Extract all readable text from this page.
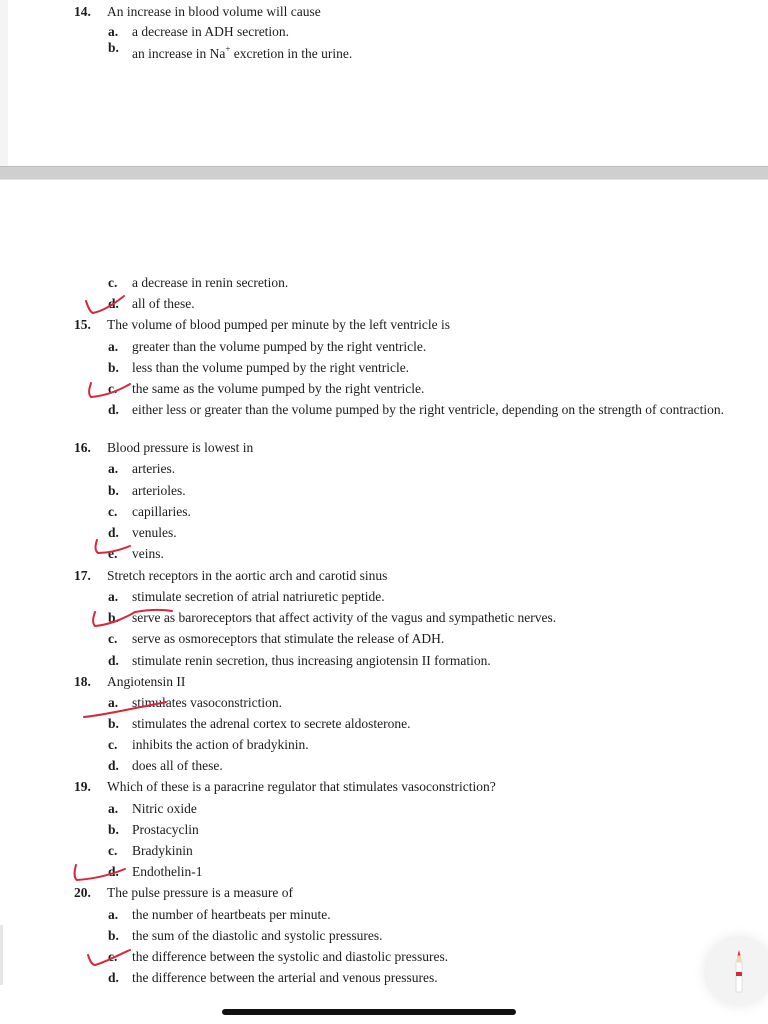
14. An increase in blood volume will cause
a. a decrease in ADH secretion.
b. an increase in Na+ excretion in the urine.
c. a decrease in renin secretion.
d. all of these.
15. The volume of blood pumped per minute by the left ventricle is
a. greater than the volume pumped by the right ventricle.
b. less than the volume pumped by the right ventricle.
c. the same as the volume pumped by the right ventricle.
d. either less or greater than the volume pumped by the right ventricle, depending on the strength of contraction.
16. Blood pressure is lowest in
a. arteries.
b. arterioles.
c. capillaries.
d. venules.
e. veins.
17. Stretch receptors in the aortic arch and carotid sinus
a. stimulate secretion of atrial natriuretic peptide.
b. serve as baroreceptors that affect activity of the vagus and sympathetic nerves.
c. serve as osmoreceptors that stimulate the release of ADH.
d. stimulate renin secretion, thus increasing angiotensin II formation.
18. Angiotensin II
a. stimulates vasoconstriction.
b. stimulates the adrenal cortex to secrete aldosterone.
c. inhibits the action of bradykinin.
d. does all of these.
19. Which of these is a paracrine regulator that stimulates vasoconstriction?
a. Nitric oxide
b. Prostacyclin
c. Bradykinin
d. Endothelin-1
20. The pulse pressure is a measure of
a. the number of heartbeats per minute.
b. the sum of the diastolic and systolic pressures.
c. the difference between the systolic and diastolic pressures.
d. the difference between the arterial and venous pressures.
